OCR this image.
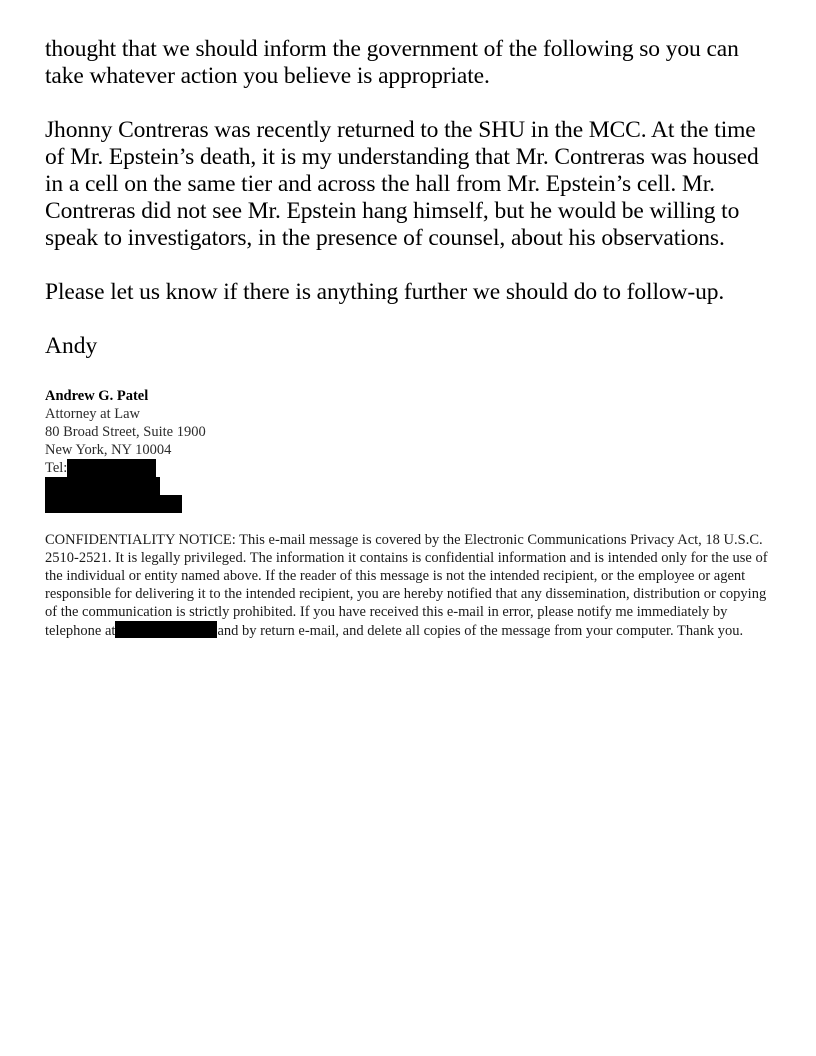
thought that we should inform the government of the following so you can take whatever action you believe is appropriate.

Jhonny Contreras was recently returned to the SHU in the MCC. At the time of Mr. Epstein’s death, it is my understanding that Mr. Contreras was housed in a cell on the same tier and across the hall from Mr. Epstein’s cell. Mr. Contreras did not see Mr. Epstein hang himself, but he would be willing to speak to investigators, in the presence of counsel, about his observations.

Please let us know if there is anything further we should do to follow-up.

Andy

Andrew G. Patel
Attorney at Law
80 Broad Street, Suite 1900
New York, NY 10004
Tel:
CONFIDENTIALITY NOTICE: This e-mail message is covered by the Electronic Communications Privacy Act, 18 U.S.C. 2510-2521. It is legally privileged. The information it contains is confidential information and is intended only for the use of the individual or entity named above. If the reader of this message is not the intended recipient, or the employee or agent responsible for delivering it to the intended recipient, you are hereby notified that any dissemination, distribution or copying of the communication is strictly prohibited. If you have received this e-mail in error, please notify me immediately by telephone at	and by return e-mail, and delete all copies of the message from your computer. Thank you.
